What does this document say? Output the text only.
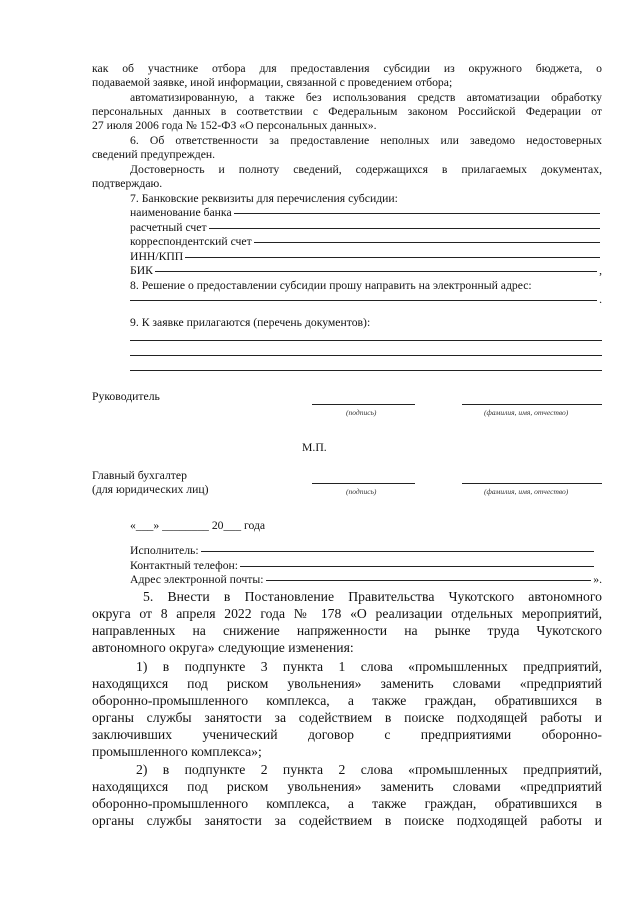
как об участнике отбора для предоставления субсидии из окружного бюджета, о
подаваемой заявке, иной информации, связанной с проведением отбора;
автоматизированную, а также без использования средств автоматизации обработку
персональных данных в соответствии с Федеральным законом Российской Федерации от
27 июля 2006 года № 152-ФЗ «О персональных данных».
6. Об ответственности за предоставление неполных или заведомо недостоверных
сведений предупрежден.
Достоверность и полноту сведений, содержащихся в прилагаемых документах,
подтверждаю.
7. Банковские реквизиты для перечисления субсидии:
наименование банка
расчетный счет
корреспондентский счет
ИНН/КПП
БИК	,
8. Решение о предоставлении субсидии прошу направить на электронный адрес:
.
9. К заявке прилагаются (перечень документов):
Руководитель
(подпись)	(фамилия, имя, отчество)
М.П.
Главный бухгалтер
(для юридических лиц)	(подпись)	(фамилия, имя, отчество)
«___» ________ 20___ года
Исполнитель:
Контактный телефон:
Адрес электронной почты:	».
5. Внести в Постановление Правительства Чукотского автономного
округа от 8 апреля 2022 года № 178 «О реализации отдельных мероприятий,
направленных на снижение напряженности на рынке труда Чукотского
автономного округа» следующие изменения:
1) в подпункте 3 пункта 1 слова «промышленных предприятий,
находящихся под риском увольнения» заменить словами «предприятий
оборонно-промышленного комплекса, а также граждан, обратившихся в
органы службы занятости за содействием в поиске подходящей работы и
заключивших ученический договор с предприятиями оборонно-
промышленного комплекса»;
2) в подпункте 2 пункта 2 слова «промышленных предприятий,
находящихся под риском увольнения» заменить словами «предприятий
оборонно-промышленного комплекса, а также граждан, обратившихся в
органы службы занятости за содействием в поиске подходящей работы и
